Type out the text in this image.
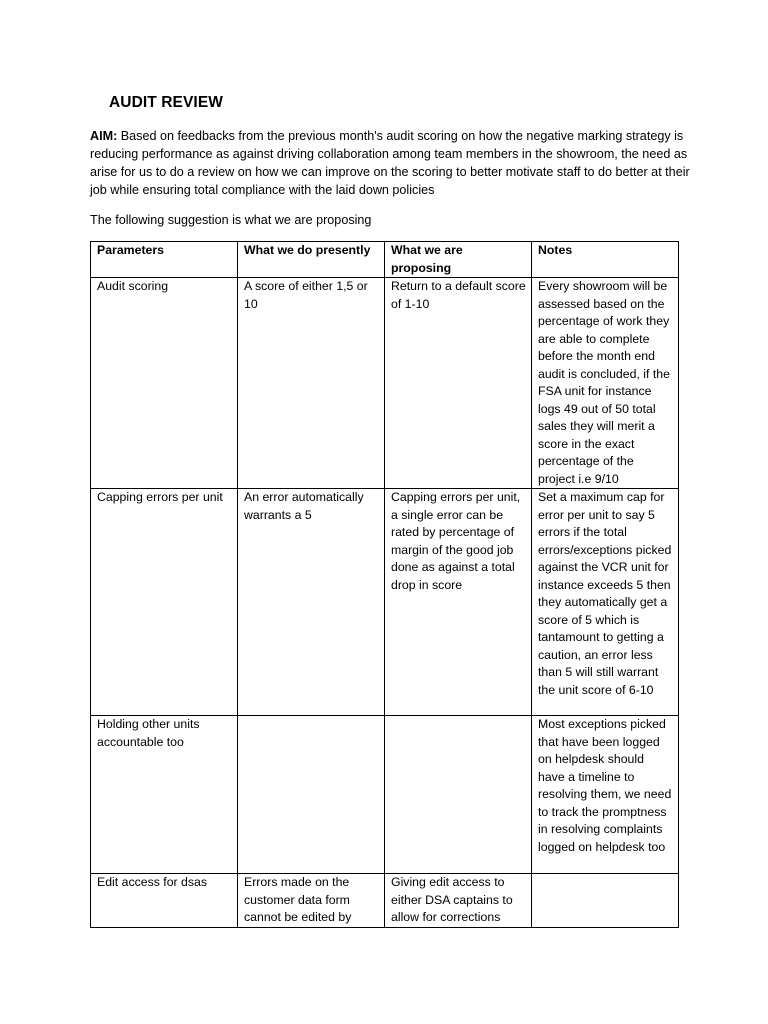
AUDIT REVIEW
AIM: Based on feedbacks from the previous month's audit scoring on how the negative marking strategy is reducing performance as against driving collaboration among team members in the showroom, the need as arise for us to do a review on how we can improve on the scoring to better motivate staff to do better at their job while ensuring total compliance with the laid down policies
The following suggestion is what we are proposing
Parameters	What we do presently	What we are proposing	Notes
Audit scoring	A score of either 1,5 or 10	Return to a default score of 1-10	Every showroom will be assessed based on the percentage of work they are able to complete before the month end audit is concluded, if the FSA unit for instance logs 49 out of 50 total sales they will merit a score in the exact percentage of the project i.e 9/10
Capping errors per unit	An error automatically warrants a 5	Capping errors per unit, a single error can be rated by percentage of margin of the good job done as against a total drop in score	Set a maximum cap for error per unit to say 5 errors if the total errors/exceptions picked against the VCR unit for instance exceeds 5 then they automatically get a score of 5 which is tantamount to getting a caution, an error less than 5 will still warrant the unit score of 6-10
Holding other units accountable too			Most exceptions picked that have been logged on helpdesk should have a timeline to resolving them, we need to track the promptness in resolving complaints logged on helpdesk too
Edit access for dsas	Errors made on the customer data form cannot be edited by	Giving edit access to either DSA captains to allow for corrections	
